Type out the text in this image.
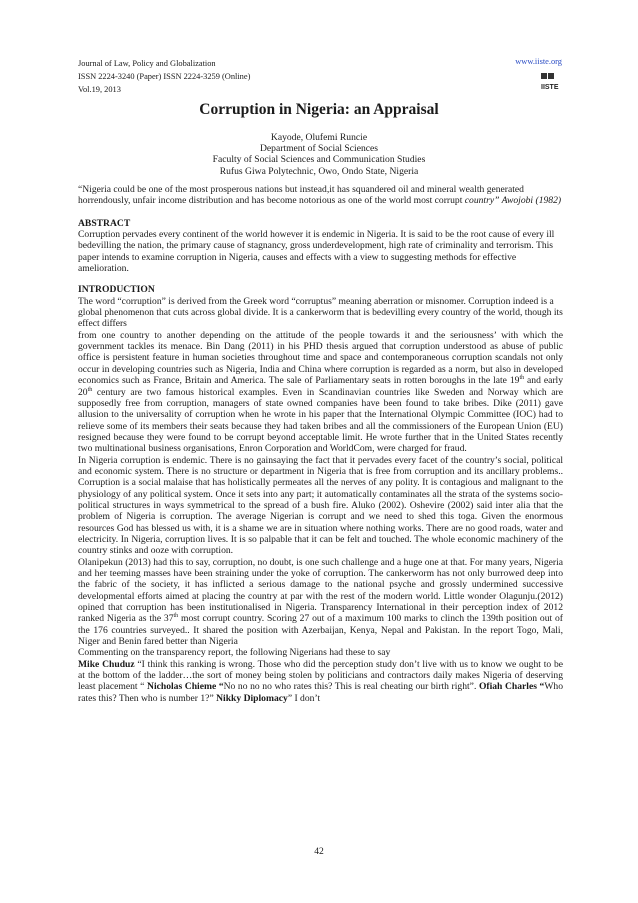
Journal of Law, Policy and Globalization
ISSN 2224-3240 (Paper) ISSN 2224-3259 (Online)
Vol.19, 2013
www.iiste.org

IISTE
Corruption in Nigeria: an Appraisal
Kayode, Olufemi Runcie
Department of Social Sciences
Faculty of Social Sciences and Communication Studies
Rufus Giwa Polytechnic, Owo, Ondo State, Nigeria

“Nigeria could be one of the most prosperous nations but instead,it has squandered oil and mineral wealth generated horrendously, unfair income distribution and has become notorious as one of the world most corrupt country” Awojobi (1982)

ABSTRACT

Corruption pervades every continent of the world however it is endemic in Nigeria. It is said to be the root cause of every ill bedevilling the nation, the primary cause of stagnancy, gross underdevelopment, high rate of criminality and terrorism. This paper intends to examine corruption in Nigeria, causes and effects with a view to suggesting methods for effective amelioration.

INTRODUCTION

The word “corruption” is derived from the Greek word “corruptus” meaning aberration or misnomer. Corruption indeed is a global phenomenon that cuts across global divide. It is a cankerworm that is bedevilling every country of the world, though its effect differs

from one country to another depending on the attitude of the people towards it and the seriousness’ with which the government tackles its menace. Bin Dang (2011) in his PHD thesis argued that corruption understood as abuse of public office is persistent feature in human societies throughout time and space and contemporaneous corruption scandals not only occur in developing countries such as Nigeria, India and China where corruption is regarded as a norm, but also in developed economics such as France, Britain and America. The sale of Parliamentary seats in rotten boroughs in the late 19th and early 20th century are two famous historical examples. Even in Scandinavian countries like Sweden and Norway which are supposedly free from corruption, managers of state owned companies have been found to take bribes. Dike (2011) gave allusion to the universality of corruption when he wrote in his paper that the International Olympic Committee (IOC) had to relieve some of its members their seats because they had taken bribes and all the commissioners of the European Union (EU) resigned because they were found to be corrupt beyond acceptable limit. He wrote further that in the United States recently two multinational business organisations, Enron Corporation and WorldCom, were charged for fraud.

In Nigeria corruption is endemic. There is no gainsaying the fact that it pervades every facet of the country’s social, political and economic system. There is no structure or department in Nigeria that is free from corruption and its ancillary problems.. Corruption is a social malaise that has holistically permeates all the nerves of any polity. It is contagious and malignant to the physiology of any political system. Once it sets into any part; it automatically contaminates all the strata of the systems socio-political structures in ways symmetrical to the spread of a bush fire. Aluko (2002). Oshevire (2002) said inter alia that the problem of Nigeria is corruption. The average Nigerian is corrupt and we need to shed this toga. Given the enormous resources God has blessed us with, it is a shame we are in situation where nothing works. There are no good roads, water and electricity. In Nigeria, corruption lives. It is so palpable that it can be felt and touched. The whole economic machinery of the country stinks and ooze with corruption.

Olanipekun (2013) had this to say, corruption, no doubt, is one such challenge and a huge one at that. For many years, Nigeria and her teeming masses have been straining under the yoke of corruption. The cankerworm has not only burrowed deep into the fabric of the society, it has inflicted a serious damage to the national psyche and grossly undermined successive developmental efforts aimed at placing the country at par with the rest of the modern world. Little wonder Olagunju.(2012) opined that corruption has been institutionalised in Nigeria. Transparency International in their perception index of 2012 ranked Nigeria as the 37th most corrupt country. Scoring 27 out of a maximum 100 marks to clinch the 139th position out of the 176 countries surveyed.. It shared the position with Azerbaijan, Kenya, Nepal and Pakistan. In the report Togo, Mali, Niger and Benin fared better than Nigeria

Commenting on the transparency report, the following Nigerians had these to say

Mike Chuduz “I think this ranking is wrong. Those who did the perception study don’t live with us to know we ought to be at the bottom of the ladder…the sort of money being stolen by politicians and contractors daily makes Nigeria of deserving least placement “ Nicholas Chieme “No no no no who rates this? This is real cheating our birth right”. Ofiah Charles “Who rates this? Then who is number 1?” Nikky Diplomacy” I don’t

42
